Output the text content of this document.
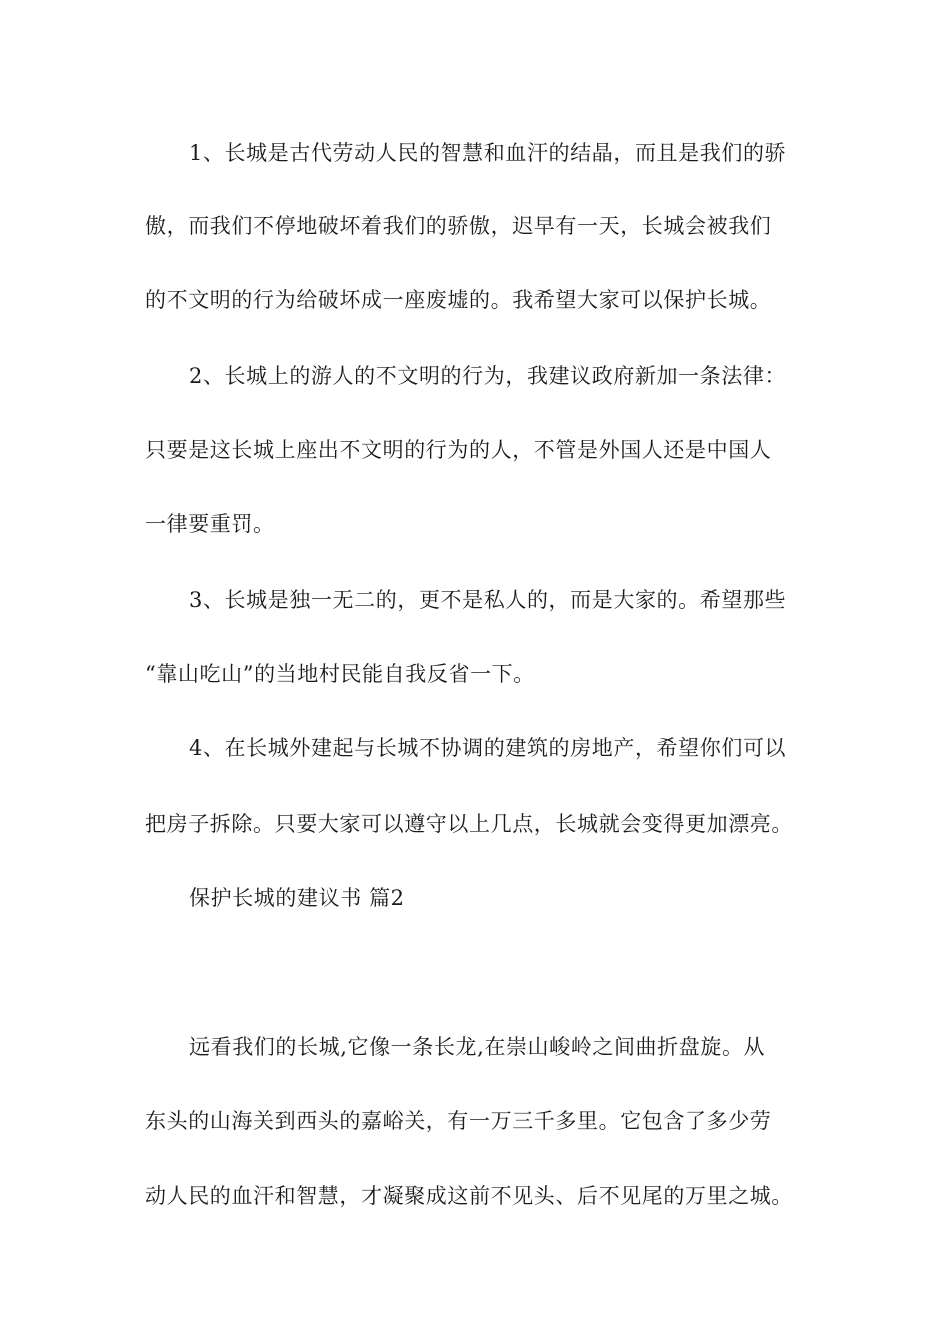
1、长城是古代劳动人民的智慧和血汗的结晶，而且是我们的骄
傲，而我们不停地破坏着我们的骄傲，迟早有一天，长城会被我们
的不文明的行为给破坏成一座废墟的。我希望大家可以保护长城。
2、长城上的游人的不文明的行为，我建议政府新加一条法律：
只要是这长城上座出不文明的行为的人，不管是外国人还是中国人
一律要重罚。
3、长城是独一无二的，更不是私人的，而是大家的。希望那些
“靠山吃山”的当地村民能自我反省一下。
4、在长城外建起与长城不协调的建筑的房地产，希望你们可以
把房子拆除。只要大家可以遵守以上几点，长城就会变得更加漂亮。
保护长城的建议书 篇2
远看我们的长城,它像一条长龙,在崇山峻岭之间曲折盘旋。从
东头的山海关到西头的嘉峪关，有一万三千多里。它包含了多少劳
动人民的血汗和智慧，才凝聚成这前不见头、后不见尾的万里之城。
